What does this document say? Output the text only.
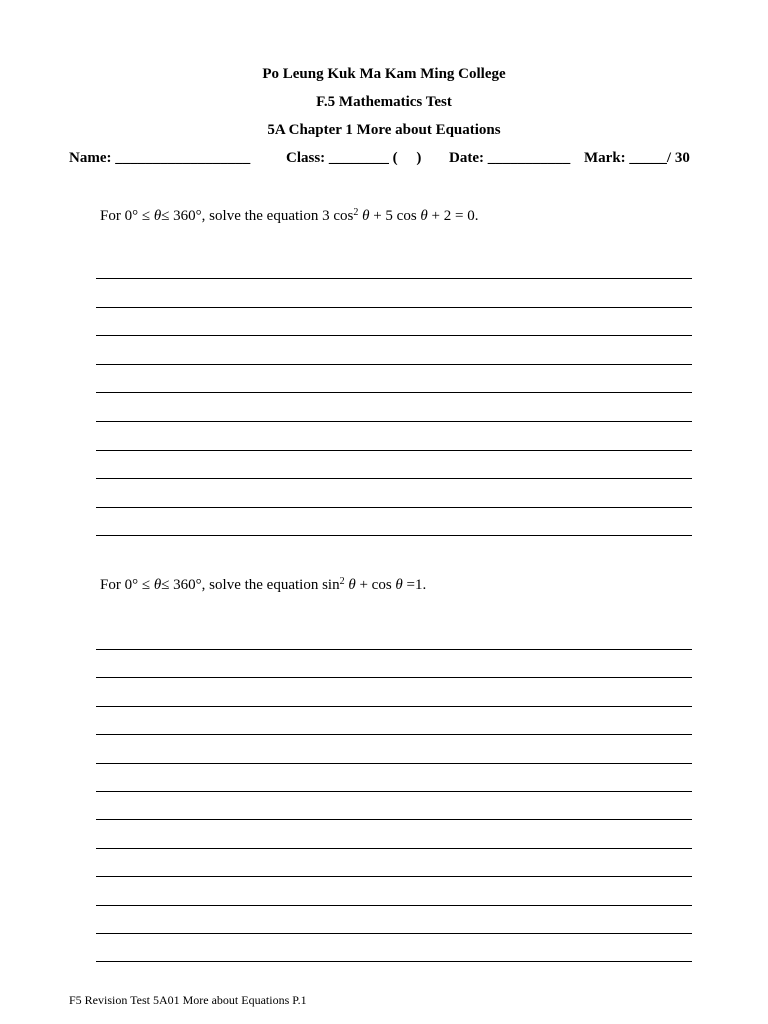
Po Leung Kuk Ma Kam Ming College
F.5 Mathematics Test
5A Chapter 1 More about Equations

Name: __________________

Class: ________ (     )

Date: ___________

Mark: _____/ 30

For 0° ≤ θ≤ 360°, solve the equation 3 $\cos^2 \theta + 5$ cos θ + 2 = 0.
For 0° ≤ θ≤ 360°, solve the equation $\sin^2 \theta + \cos \theta =1$.
F5 Revision Test 5A01 More about Equations P.1
